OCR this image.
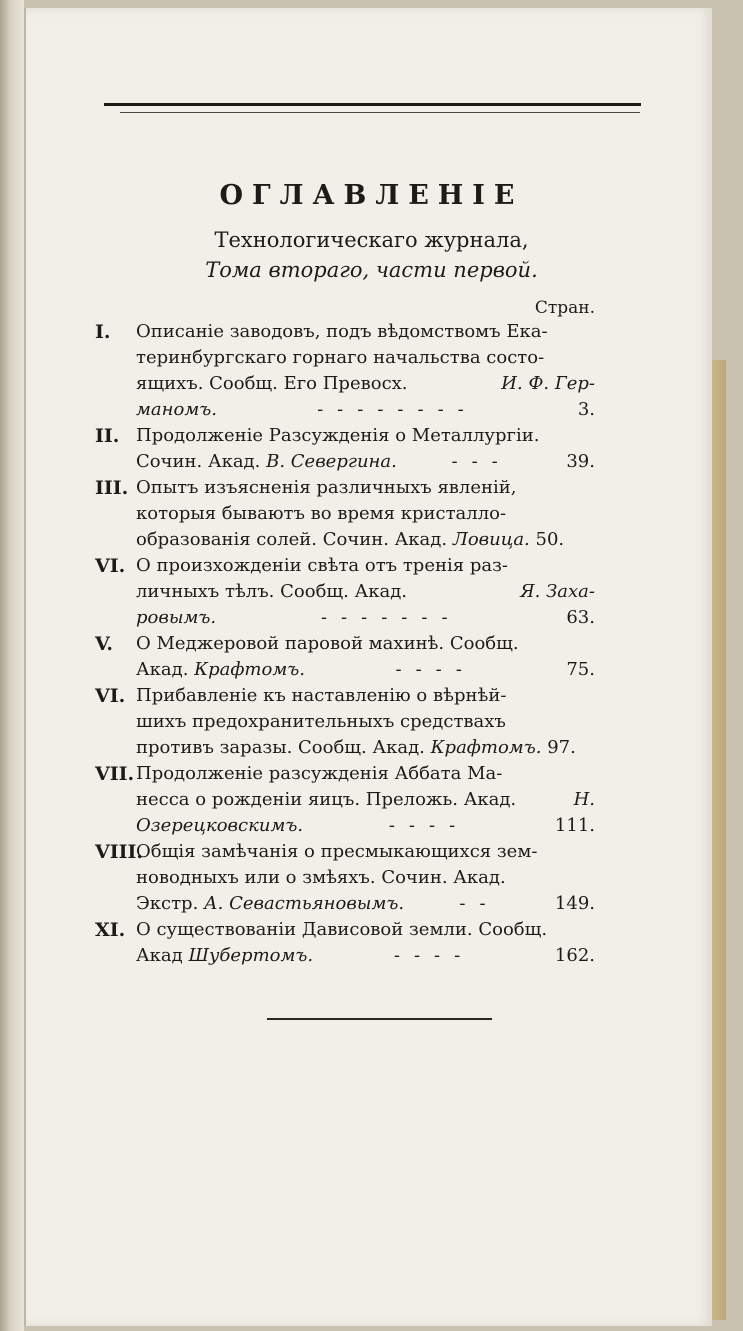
ОГЛАВЛЕНІЕ
Технологическаго журнала,
Тома втораго, части первой.
Стран.
I.	Описаніе заводовъ, подъ вѣдомствомъ Ека-
теринбургскаго горнаго начальства состо-
ящихъ. Сообщ. Его Превосх.	И. Ф. Гер-
маномъ.	--------	3.
II. Продолженіе Разсужденія о Металлургіи.
Сочин. Акад.
В. Севергина.	---	39.
III. Опытъ изъясненія различныхъ явленій,
которыя бываютъ во время кристалло-
образованія солей. Сочин. Акад.
Ловица.
50.
VI. О произхожденіи свѣта отъ тренія раз-
личныхъ тѣлъ. Сообщ. Акад.	Я. Заха-
ровымъ.	-------	63.
V.	О Меджеровой паровой махинѣ. Сообщ.
Акад.
Крафтомъ.	----	75.
VI. Прибавленіе къ наставленію о вѣрнѣй-
шихъ предохранительныхъ средствахъ
противъ заразы. Сообщ. Акад.
Крафтомъ.
97.
VII. Продолженіе разсужденія Аббата Ма-
несса о рожденіи яицъ. Преложь. Акад.	Н.
Озерецковскимъ.	----	111.
VIII.
Общія замѣчанія о пресмыкающихся зем-
новодныхъ или о змѣяхъ. Сочин. Акад.
Экстр.
А. Севастьяновымъ.	--	149.
XI. О существованіи Дависовой земли. Сообщ.
Акад
Шубертомъ.	----	162.
